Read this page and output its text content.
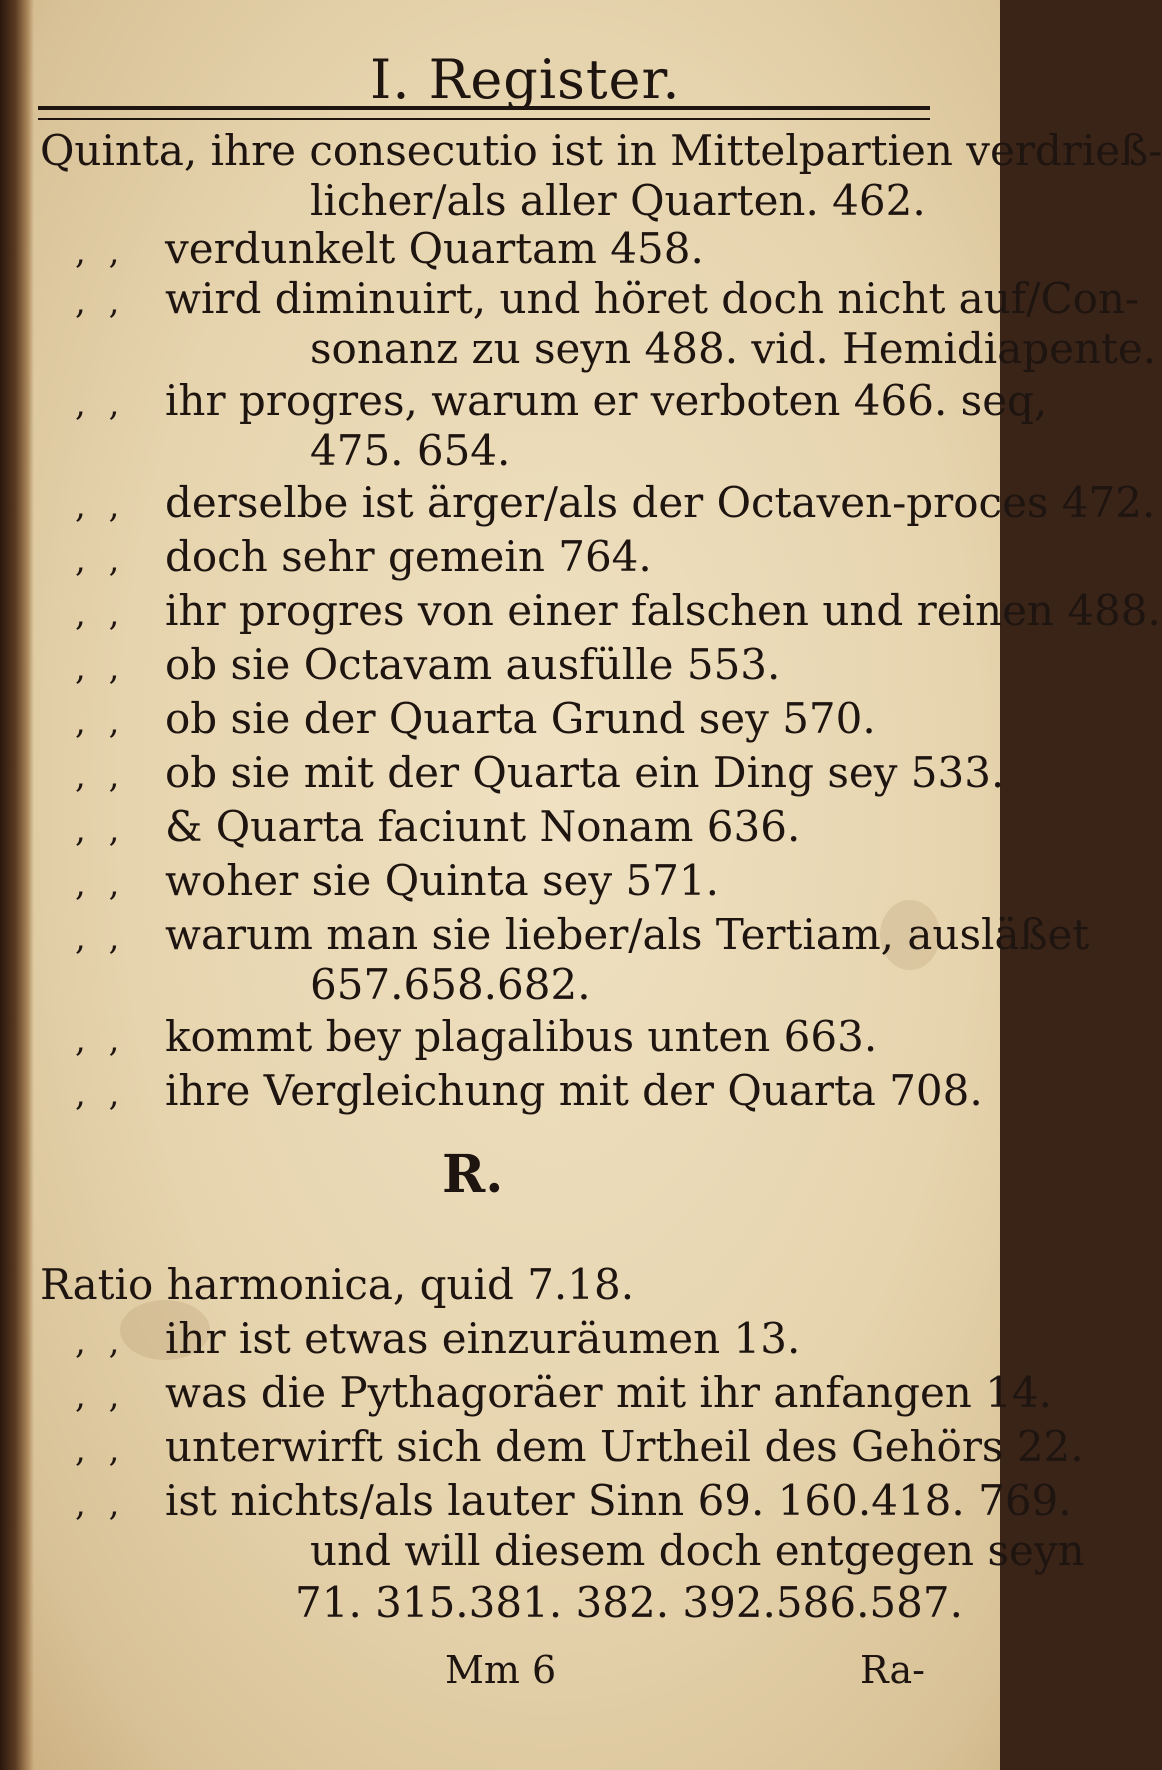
I. Register.
Quinta, ihre consecutio ist in Mittelpartien verdrieß-
licher/als aller Quarten. 462.
, , verdunkelt Quartam 458.
, , wird diminuirt, und höret doch nicht auf/Con-
sonanz zu seyn 488. vid. Hemidiapente.
, , ihr progres, warum er verboten 466. seq,
475. 654.
, , derselbe ist ärger/als der Octaven-proces 472.
, , doch sehr gemein 764.
, , ihr progres von einer falschen und reinen 488.
, , ob sie Octavam ausfülle 553.
, , ob sie der Quarta Grund sey 570.
, , ob sie mit der Quarta ein Ding sey 533.
, , & Quarta faciunt Nonam 636.
, , woher sie Quinta sey 571.
, , warum man sie lieber/als Tertiam, ausläßet
657.658.682.
, , kommt bey plagalibus unten 663.
, , ihre Vergleichung mit der Quarta 708.
R.
Ratio harmonica, quid 7.18.
, , ihr ist etwas einzuräumen 13.
, , was die Pythagoräer mit ihr anfangen 14.
, , unterwirft sich dem Urtheil des Gehörs 22.
, , ist nichts/als lauter Sinn 69. 160.418. 769.
und will diesem doch entgegen seyn
71. 315.381. 382. 392.586.587.
Mm 6	Ra-
